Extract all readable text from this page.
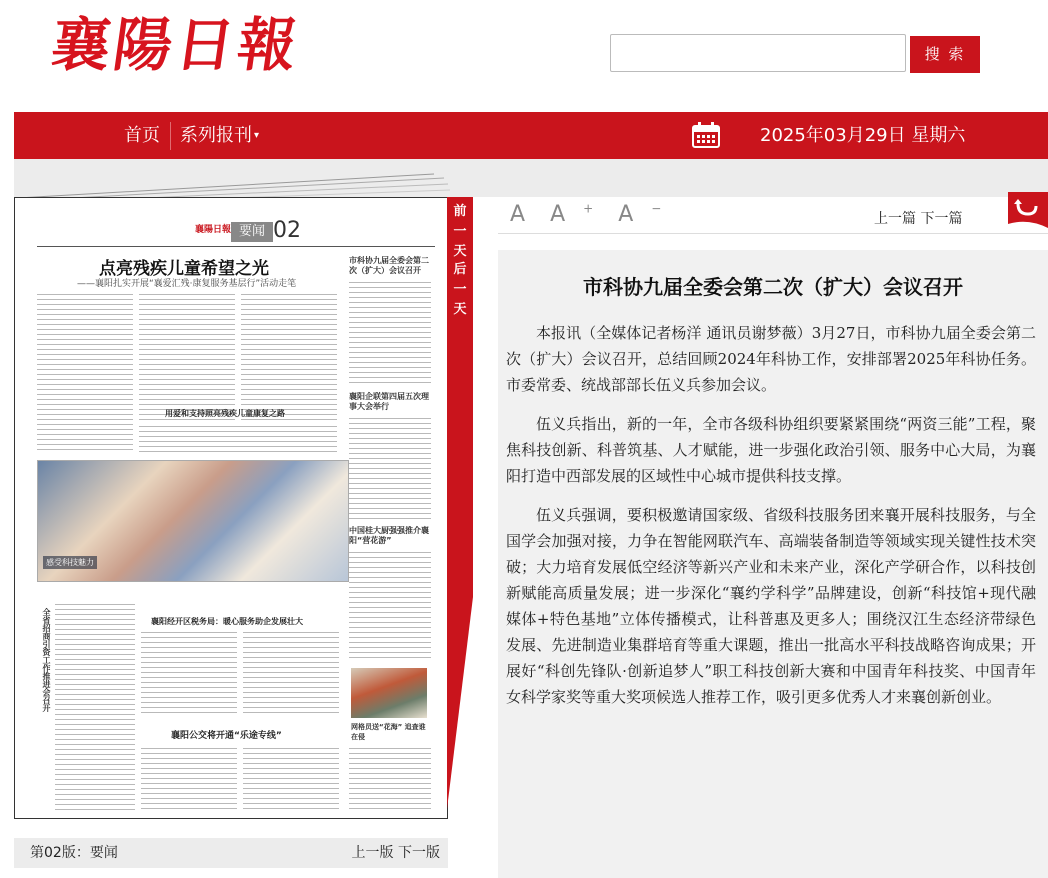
襄陽日報	搜 索
首页 系列报刊 ▾	2025年03月29日 星期六
襄陽日報 要闻 02
点亮残疾儿童希望之光
——襄阳扎实开展“襄爱汇残·康复服务基层行”活动走笔
市科协九届全委会第二次（扩大）会议召开
襄阳企联第四届五次理事大会举行
中国桂大厨强强推介襄阳“营花游”
用爱和支持照亮残疾儿童康复之路
感受科技魅力
全省招商引资工作推进会召开	襄阳经开区税务局：暖心服务助企发展壮大
襄阳公交将开通“乐途专线”
网格员送“花海” 追查谁在侵
前一天
后一天
第02版：要闻	上一版 下一版
A A + A −
上一篇 下一篇
市科协九届全委会第二次（扩大）会议召开

本报讯（全媒体记者杨洋 通讯员谢梦薇）3月27日，市科协九届全委会第二次（扩大）会议召开，总结回顾2024年科协工作，安排部署2025年科协任务。市委常委、统战部部长伍义兵参加会议。

伍义兵指出，新的一年，全市各级科协组织要紧紧围绕“两资三能”工程，聚焦科技创新、科普筑基、人才赋能，进一步强化政治引领、服务中心大局，为襄阳打造中西部发展的区域性中心城市提供科技支撑。

伍义兵强调，要积极邀请国家级、省级科技服务团来襄开展科技服务，与全国学会加强对接，力争在智能网联汽车、高端装备制造等领域实现关键性技术突破；大力培育发展低空经济等新兴产业和未来产业，深化产学研合作，以科技创新赋能高质量发展；进一步深化“襄约学科学”品牌建设，创新“科技馆+现代融媒体+特色基地”立体传播模式，让科普惠及更多人；围绕汉江生态经济带绿色发展、先进制造业集群培育等重大课题，推出一批高水平科技战略咨询成果；开展好“科创先锋队·创新追梦人”职工科技创新大赛和中国青年科技奖、中国青年女科学家奖等重大奖项候选人推荐工作，吸引更多优秀人才来襄创新创业。
